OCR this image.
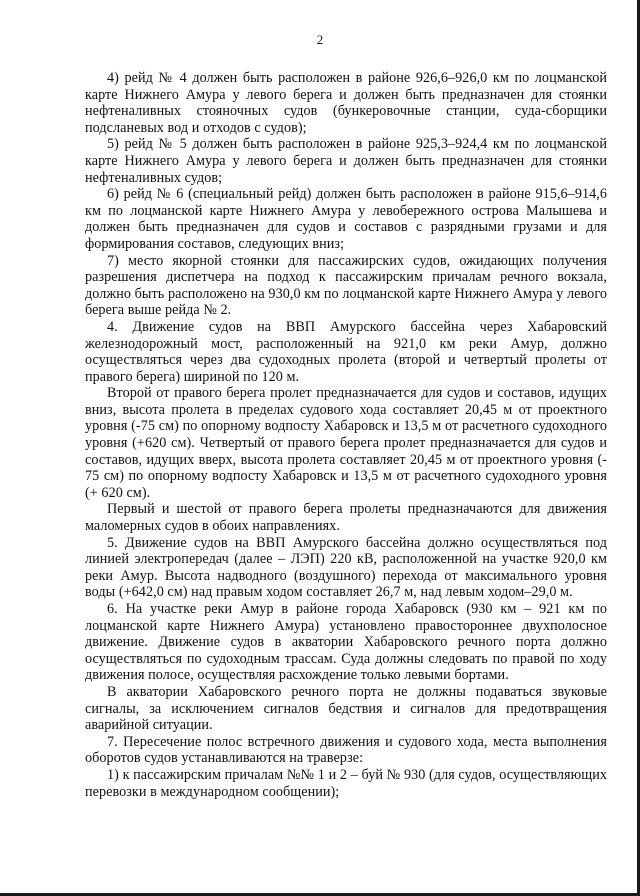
2

4) рейд № 4 должен быть расположен в районе 926,6–926,0 км по лоцманской карте Нижнего Амура у левого берега и должен быть предназначен для стоянки нефтеналивных стояночных судов (бункеровочные станции, суда-сборщики подсланевых вод и отходов с судов);

5) рейд № 5 должен быть расположен в районе 925,3–924,4 км по лоцманской карте Нижнего Амура у левого берега и должен быть предназначен для стоянки нефтеналивных судов;

6) рейд № 6 (специальный рейд) должен быть расположен в районе 915,6–914,6 км по лоцманской карте Нижнего Амура у левобережного острова Малышева и должен быть предназначен для судов и составов с разрядными грузами и для формирования составов, следующих вниз;

7) место якорной стоянки для пассажирских судов, ожидающих получения разрешения диспетчера на подход к пассажирским причалам речного вокзала, должно быть расположено на 930,0 км по лоцманской карте Нижнего Амура у левого берега выше рейда № 2.

4. Движение судов на ВВП Амурского бассейна через Хабаровский железнодорожный мост, расположенный на 921,0 км реки Амур, должно осуществляться через два судоходных пролета (второй и четвертый пролеты от правого берега) шириной по 120 м.

Второй от правого берега пролет предназначается для судов и составов, идущих вниз, высота пролета в пределах судового хода составляет 20,45 м от проектного уровня (-75 см) по опорному водпосту Хабаровск и 13,5 м от расчетного судоходного уровня (+620 см). Четвертый от правого берега пролет предназначается для судов и составов, идущих вверх, высота пролета составляет 20,45 м от проектного уровня (- 75 см) по опорному водпосту Хабаровск и 13,5 м от расчетного судоходного уровня (+ 620 см).

Первый и шестой от правого берега пролеты предназначаются для движения маломерных судов в обоих направлениях.

5. Движение судов на ВВП Амурского бассейна должно осуществляться под линией электропередач (далее – ЛЭП) 220 кВ, расположенной на участке 920,0 км реки Амур. Высота надводного (воздушного) перехода от максимального уровня воды (+642,0 см) над правым ходом составляет 26,7 м, над левым ходом–29,0 м.

6. На участке реки Амур в районе города Хабаровск (930 км – 921 км по лоцманской карте Нижнего Амура) установлено правостороннее двухполосное движение. Движение судов в акватории Хабаровского речного порта должно осуществляться по судоходным трассам. Суда должны следовать по правой по ходу движения полосе, осуществляя расхождение только левыми бортами.

В акватории Хабаровского речного порта не должны подаваться звуковые сигналы, за исключением сигналов бедствия и сигналов для предотвращения аварийной ситуации.

7. Пересечение полос встречного движения и судового хода, места выполнения оборотов судов устанавливаются на траверзе:

1) к пассажирским причалам №№ 1 и 2 – буй № 930 (для судов, осуществляющих перевозки в международном сообщении);
